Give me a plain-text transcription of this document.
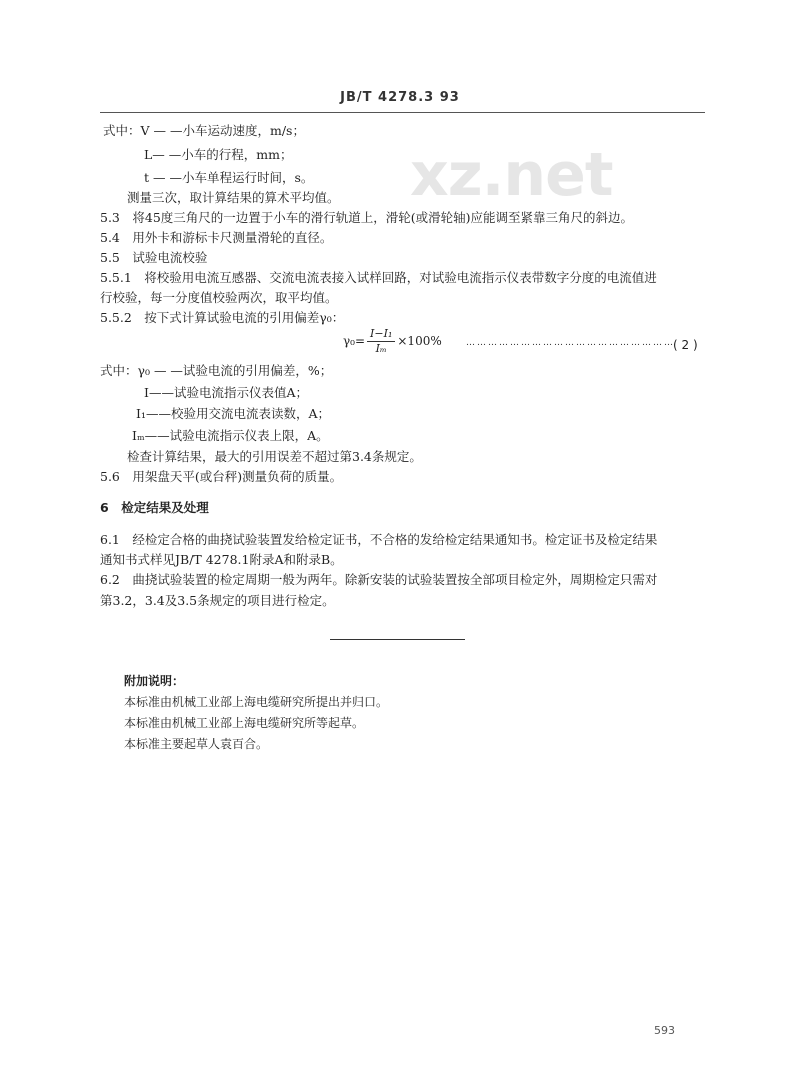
JB/T 4278.3 93
xz.net
式中：V — —小车运动速度，m/s；
L— —小车的行程，mm；
t — —小车单程运行时间，s。
测量三次，取计算结果的算术平均值。
5.3　将45度三角尺的一边置于小车的滑行轨道上，滑轮(或滑轮轴)应能调至紧靠三角尺的斜边。
5.4　用外卡和游标卡尺测量滑轮的直径。
5.5　试验电流校验
5.5.1　将校验用电流互感器、交流电流表接入试样回路，对试验电流指示仪表带数字分度的电流值进
行校验，每一分度值校验两次，取平均值。
5.5.2　按下式计算试验电流的引用偏差γ₀：
$\gamma_0= \frac{\text{I−I₁}}{\text{Iₘ}} \times 100\%$	…………………………………………………
( 2 )
式中：γ₀ — —试验电流的引用偏差，%；
I——试验电流指示仪表值A；
I₁——校验用交流电流表读数，A；
Iₘ——试验电流指示仪表上限，A。
检查计算结果，最大的引用误差不超过第3.4条规定。
5.6　用架盘天平(或台秤)测量负荷的质量。
6　检定结果及处理
6.1　经检定合格的曲挠试验装置发给检定证书，不合格的发给检定结果通知书。检定证书及检定结果
通知书式样见JB/T 4278.1附录A和附录B。
6.2　曲挠试验装置的检定周期一般为两年。除新安装的试验装置按全部项目检定外，周期检定只需对
第3.2，3.4及3.5条规定的项目进行检定。
附加说明：
本标准由机械工业部上海电缆研究所提出并归口。
本标准由机械工业部上海电缆研究所等起草。
本标准主要起草人袁百合。
593
